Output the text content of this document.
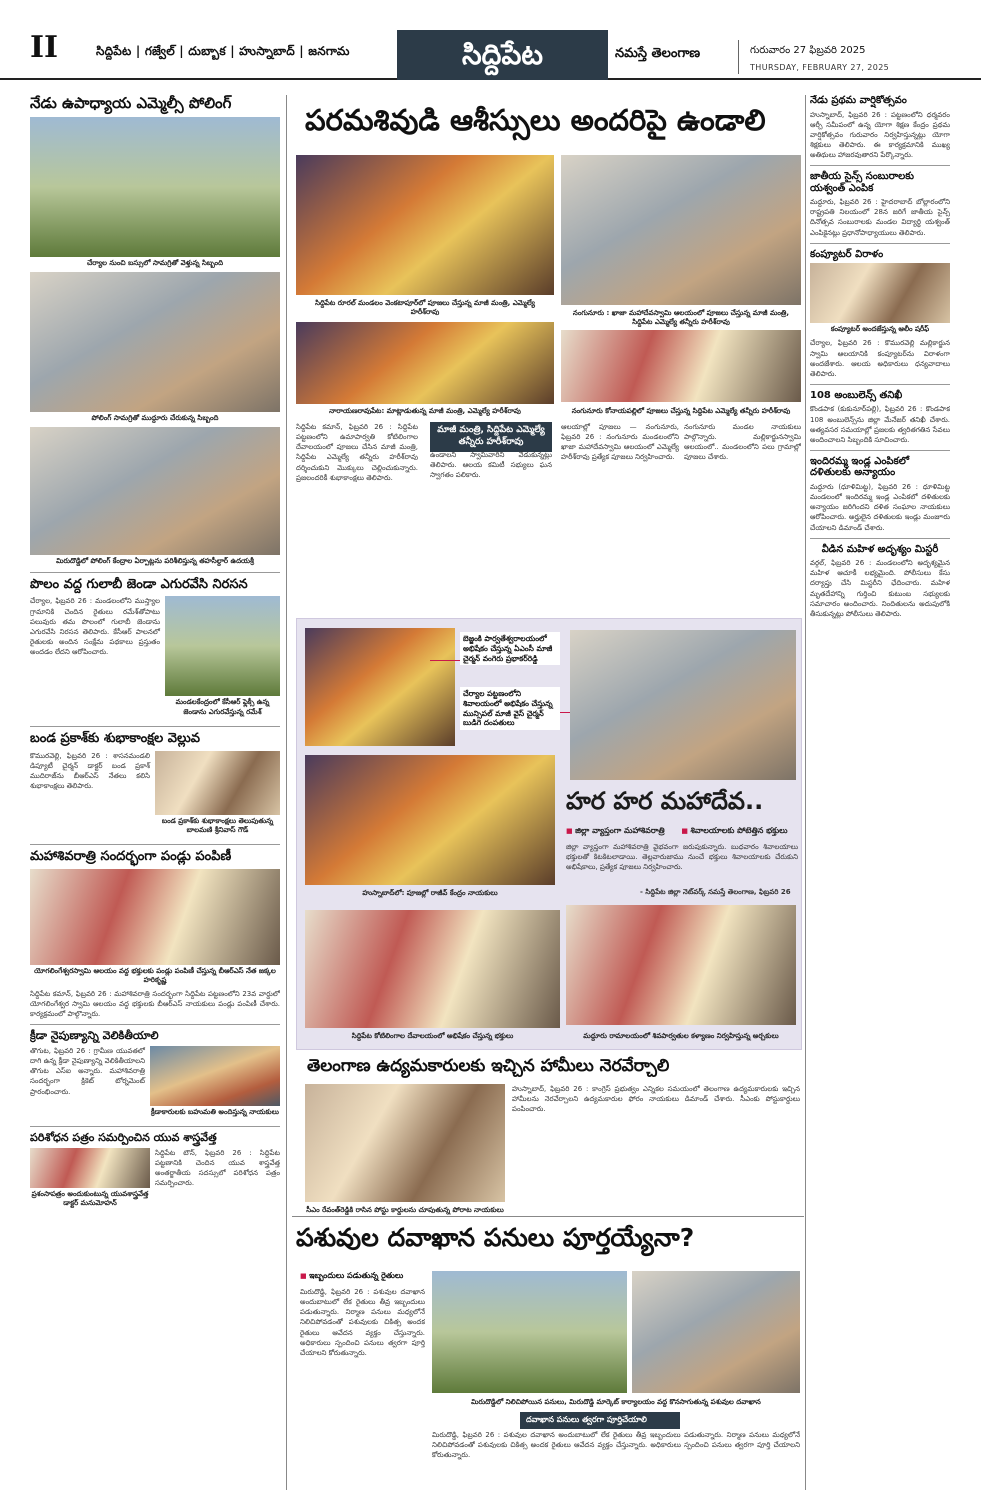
II	సిద్దిపేట | గజ్వేల్ | దుబ్బాక | హుస్నాబాద్ | జనగామ	సిద్దిపేట	నమస్తే తెలంగాణ	గురువారం 27 ఫిబ్రవరి 2025
THURSDAY, FEBRUARY 27, 2025
నేడు ఉపాధ్యాయ ఎమ్మెల్సీ పోలింగ్
చేర్యాల నుంచి బస్సులో సామగ్రితో వెళ్తున్న సిబ్బంది
పోలింగ్ సామగ్రితో ముద్దూరు చేరుకున్న సిబ్బంది
మిరుదొడ్డిలో పోలింగ్ కేంద్రాల ఏర్పాట్లను పరిశీలిస్తున్న తహసీల్దార్ ఉదయశ్రీ
పొలం వద్ద గులాబీ జెండా ఎగురవేసి నిరసన
చేర్యాల, ఫిబ్రవరి 26 : మండలంలోని ముస్త్యాల గ్రామానికి చెందిన రైతులు రమేశ్‌తోపాటు పలువురు తమ పొలంలో గులాబీ జెండాను ఎగురవేసి నిరసన తెలిపారు. కేసీఆర్ పాలనలో రైతులకు అందిన సంక్షేమ పథకాలు ప్రస్తుతం అందడం లేదని ఆరోపించారు.
మండలకేంద్రంలో కేసీఆర్ ఫ్లెక్సీ ఉన్న జెండాను ఎగురవేస్తున్న రమేశ్
బండ ప్రకాశ్‌కు శుభాకాంక్షల వెల్లువ
కొమురవెల్లి, ఫిబ్రవరి 26 : శాసనమండలి డిప్యూటీ చైర్మన్ డాక్టర్ బండ ప్రకాశ్ ముదిరాజ్‌ను బీఆర్ఎస్ నేతలు కలిసి శుభాకాంక్షలు తెలిపారు.
బండ ప్రకాశ్‌కు శుభాకాంక్షలు తెలుపుతున్న బాలమణి శ్రీనివాస్ గౌడ్
మహాశివరాత్రి సందర్భంగా పండ్లు పంపిణీ
యోగలింగేశ్వరస్వామి ఆలయం వద్ద భక్తులకు పండ్లు పంపిణీ చేస్తున్న బీఆర్ఎస్ నేత జక్కల హరికృష్ణ
సిద్దిపేట కమాన్, ఫిబ్రవరి 26 : మహాశివరాత్రి సందర్భంగా సిద్దిపేట పట్టణంలోని 23వ వార్డులో యోగలింగేశ్వర స్వామి ఆలయం వద్ద భక్తులకు బీఆర్ఎస్ నాయకులు పండ్లు పంపిణీ చేశారు. కార్యక్రమంలో పాల్గొన్నారు.
క్రీడా నైపుణ్యాన్ని వెలికితీయాలి
తొగుట, ఫిబ్రవరి 26 : గ్రామీణ యువతలో దాగి ఉన్న క్రీడా నైపుణ్యాన్ని వెలికితీయాలని తొగుట ఎస్ఐ అన్నారు. మహాశివరాత్రి సందర్భంగా క్రికెట్ టోర్నమెంట్ ప్రారంభించారు.
క్రీడాకారులకు బహుమతి అందిస్తున్న నాయకులు
పరిశోధన పత్రం సమర్పించిన యువ శాస్త్రవేత్త
ప్రశంసాపత్రం అందుకుంటున్న యువశాస్త్రవేత్త డాక్టర్ మనుమోహన్
సిద్దిపేట టౌన్, ఫిబ్రవరి 26 : సిద్దిపేట పట్టణానికి చెందిన యువ శాస్త్రవేత్త అంతర్జాతీయ సదస్సులో పరిశోధన పత్రం సమర్పించారు.
పరమశివుడి ఆశీస్సులు అందరిపై ఉండాలి
సిద్దిపేట రూరల్ మండలం వెంకటాపూర్‌లో పూజలు చేస్తున్న మాజీ మంత్రి, ఎమ్మెల్యే హరీశ్‌రావు	నంగునూరు : ఖాజా మహాదేవస్వామి ఆలయంలో పూజలు చేస్తున్న మాజీ మంత్రి, సిద్దిపేట ఎమ్మెల్యే తన్నీరు హరీశ్‌రావు
నారాయణరావుపేట: మాట్లాడుతున్న మాజీ మంత్రి, ఎమ్మెల్యే హరీశ్‌రావు	నంగునూరు కోనాయపల్లిలో పూజలు చేస్తున్న సిద్దిపేట ఎమ్మెల్యే తన్నీరు హరీశ్‌రావు
సిద్దిపేట కమాన్, ఫిబ్రవరి 26 : సిద్దిపేట పట్టణంలోని ఉమాపార్వతి కోటిలింగాల దేవాలయంలో పూజలు చేసిన మాజీ మంత్రి, సిద్దిపేట ఎమ్మెల్యే తన్నీరు హరీశ్‌రావు దర్శించుకుని మొక్కులు చెల్లించుకున్నారు. ప్రజలందరికీ శుభాకాంక్షలు తెలిపారు.
మాజీ మంత్రి, సిద్దిపేట ఎమ్మెల్యే తన్నీరు హరీశ్‌రావు
ఉండాలని స్వామివారిని వేడుకున్నట్లు తెలిపారు. ఆలయ కమిటీ సభ్యులు ఘన స్వాగతం పలికారు.
ఆలయాల్లో పూజలు — నంగునూరు, ఫిబ్రవరి 26 : నంగునూరు మండలంలోని ఖాజా మహాదేవస్వామి ఆలయంలో ఎమ్మెల్యే హరీశ్‌రావు ప్రత్యేక పూజలు నిర్వహించారు.
నంగునూరు మండల నాయకులు పాల్గొన్నారు. మల్లికార్జునస్వామి ఆలయంలో.. మండలంలోని పలు గ్రామాల్లో పూజలు చేశారు.
బెజ్జంకి పార్వతేశ్వరాలయంలో అభిషేకం చేస్తున్న ఏఎంసీ మాజీ చైర్మన్ వంగెరు ప్రభాకర్‌రెడ్డి
చేర్యాల పట్టణంలోని శివాలయంలో అభిషేకం చేస్తున్న మున్సిపల్ మాజీ వైస్ చైర్మన్ బుడిగె దంపతులు
హర హర మహాదేవ..
■ జిల్లా వ్యాప్తంగా మహాశివరాత్రి ■	శివాలయాలకు పోటెత్తిన భక్తులు
జిల్లా వ్యాప్తంగా మహాశివరాత్రి వైభవంగా జరుపుకున్నారు. బుధవారం శివాలయాలు భక్తులతో కిటకిటలాడాయి. తెల్లవారుజాము నుంచే భక్తులు శివాలయాలకు చేరుకుని అభిషేకాలు, ప్రత్యేక పూజలు నిర్వహించారు.
- సిద్దిపేట జిల్లా నెట్‌వర్క్ నమస్తే తెలంగాణ, ఫిబ్రవరి 26
హుస్నాబాద్‌లో: పూజల్లో రాజీవ్ కేంద్రం నాయకులు
సిద్దిపేట కోటిలింగాల దేవాలయంలో అభిషేకం చేస్తున్న భక్తులు	మద్దూరు రామాలయంలో శివపార్వతుల కళ్యాణం నిర్వహిస్తున్న అర్చకులు
తెలంగాణ ఉద్యమకారులకు ఇచ్చిన హామీలు నెరవేర్చాలి
సీఎం రేవంత్‌రెడ్డికి రాసిన పోస్టు కార్డులను చూపుతున్న పోరాట నాయకులు
హుస్నాబాద్, ఫిబ్రవరి 26 : కాంగ్రెస్ ప్రభుత్వం ఎన్నికల సమయంలో తెలంగాణ ఉద్యమకారులకు ఇచ్చిన హామీలను నెరవేర్చాలని ఉద్యమకారుల ఫోరం నాయకులు డిమాండ్ చేశారు. సీఎంకు పోస్టుకార్డులు పంపించారు.
పశువుల దవాఖాన పనులు పూర్తయ్యేనా?
■ ఇబ్బందులు పడుతున్న రైతులు
మిరుదొడ్డి, ఫిబ్రవరి 26 : పశువుల దవాఖాన అందుబాటులో లేక రైతులు తీవ్ర ఇబ్బందులు పడుతున్నారు. నిర్మాణ పనులు మధ్యలోనే నిలిచిపోవడంతో పశువులకు చికిత్స అందక రైతులు ఆవేదన వ్యక్తం చేస్తున్నారు. అధికారులు స్పందించి పనులు త్వరగా పూర్తి చేయాలని కోరుతున్నారు.
మిరుదొడ్డిలో నిలిచిపోయిన పనులు, మిరుదొడ్డి మార్కెట్ కార్యాలయం వద్ద కొనసాగుతున్న పశువుల దవాఖాన
దవాఖాన పనులు త్వరగా పూర్తిచేయాలి
మిరుదొడ్డి, ఫిబ్రవరి 26 : పశువుల దవాఖాన అందుబాటులో లేక రైతులు తీవ్ర ఇబ్బందులు పడుతున్నారు. నిర్మాణ పనులు మధ్యలోనే నిలిచిపోవడంతో పశువులకు చికిత్స అందక రైతులు ఆవేదన వ్యక్తం చేస్తున్నారు. అధికారులు స్పందించి పనులు త్వరగా పూర్తి చేయాలని కోరుతున్నారు.
నేడు ప్రథమ వార్షికోత్సవం
హుస్నాబాద్, ఫిబ్రవరి 26 : పట్టణంలోని ధర్మవరం ఆర్చీ సమీపంలో ఉన్న యోగా శిక్షణ కేంద్రం ప్రథమ వార్షికోత్సవం గురువారం నిర్వహిస్తున్నట్లు యోగా శిక్షకులు తెలిపారు. ఈ కార్యక్రమానికి ముఖ్య అతిథులు హాజరవుతారని పేర్కొన్నారు.
జాతీయ సైన్స్ సంబురాలకు యశ్వంత్ ఎంపిక
మద్దూరు, ఫిబ్రవరి 26 : హైదరాబాద్ బోల్లారంలోని రాష్ట్రపతి నిలయంలో 28న జరిగే జాతీయ సైన్స్ దినోత్సవ సంబురాలకు మండల విద్యార్థి యశ్వంత్ ఎంపికైనట్లు ప్రధానోపాధ్యాయులు తెలిపారు.
కంప్యూటర్ విరాళం
కంప్యూటర్ అందజేస్తున్న ఆలీం షరీఫ్
చేర్యాల, ఫిబ్రవరి 26 : కొమురవెల్లి మల్లికార్జున స్వామి ఆలయానికి కంప్యూటర్‌ను విరాళంగా అందజేశారు. ఆలయ అధికారులు ధన్యవాదాలు తెలిపారు.
108 అంబులెన్స్ తనిఖీ
కొండపాక (కుకునూర్‌పల్లి), ఫిబ్రవరి 26 : కొండపాక 108 అంబులెన్స్‌ను జిల్లా మేనేజర్ తనిఖీ చేశారు. అత్యవసర సమయాల్లో ప్రజలకు త్వరితగతిన సేవలు అందించాలని సిబ్బందికి సూచించారు.
ఇందిరమ్మ ఇండ్ల ఎంపికలో దళితులకు అన్యాయం
మద్దూరు (ధూళిమిట్ట), ఫిబ్రవరి 26 : ధూళిమిట్ట మండలంలో ఇందిరమ్మ ఇండ్ల ఎంపికలో దళితులకు అన్యాయం జరిగిందని దళిత సంఘాల నాయకులు ఆరోపించారు. అర్హులైన దళితులకు ఇండ్లు మంజూరు చేయాలని డిమాండ్ చేశారు.
వీడిన మహిళ అదృశ్యం మిస్టరీ
వర్గల్, ఫిబ్రవరి 26 : మండలంలోని అదృశ్యమైన మహిళ ఆచూకీ లభ్యమైంది. పోలీసులు కేసు దర్యాప్తు చేసి మిస్టరీని ఛేదించారు. మహిళ మృతదేహాన్ని గుర్తించి కుటుంబ సభ్యులకు సమాచారం అందించారు. నిందితులను అదుపులోకి తీసుకున్నట్లు పోలీసులు తెలిపారు.
